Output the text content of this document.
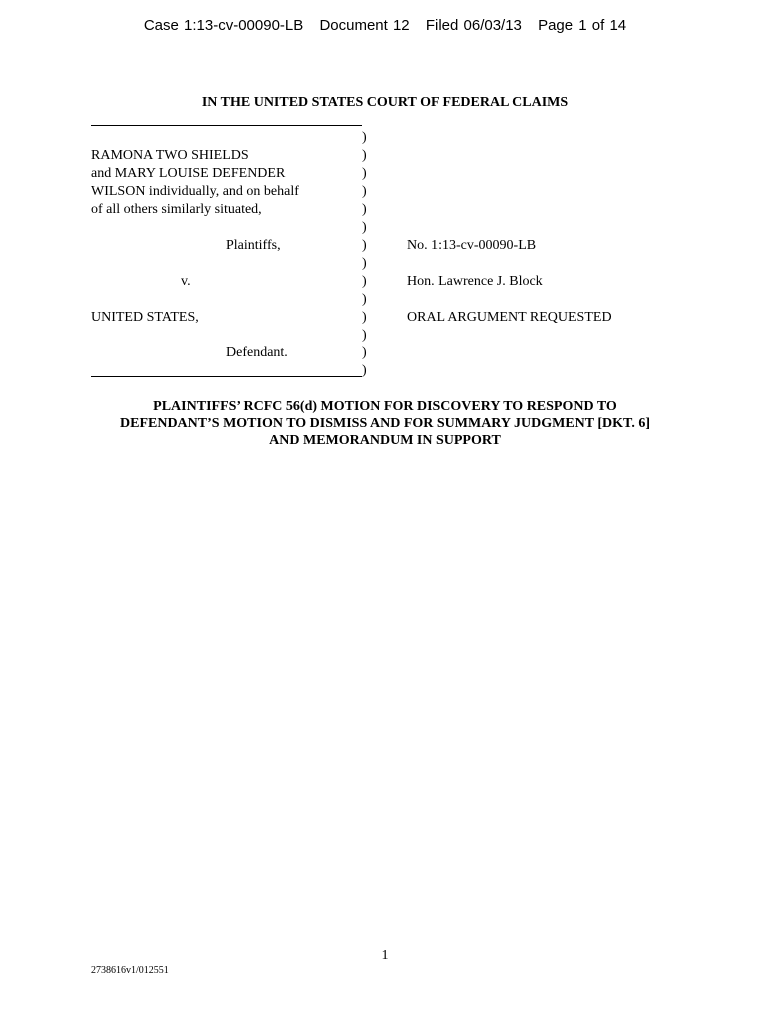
Case 1:13-cv-00090-LB Document 12 Filed 06/03/13 Page 1 of 14
IN THE UNITED STATES COURT OF FEDERAL CLAIMS
RAMONA TWO SHIELDS
and MARY LOUISE DEFENDER
WILSON individually, and on behalf
of all others similarly situated,
Plaintiffs,
v.
UNITED STATES,
Defendant.
)
)
)
)
)
)
)
)
)
)
)
)
)
)
No. 1:13-cv-00090-LB
Hon. Lawrence J. Block
ORAL ARGUMENT REQUESTED
PLAINTIFFS’ RCFC 56(d) MOTION FOR DISCOVERY TO RESPOND TO
DEFENDANT’S MOTION TO DISMISS AND FOR SUMMARY JUDGMENT [DKT. 6]
AND MEMORANDUM IN SUPPORT
1
2738616v1/012551
